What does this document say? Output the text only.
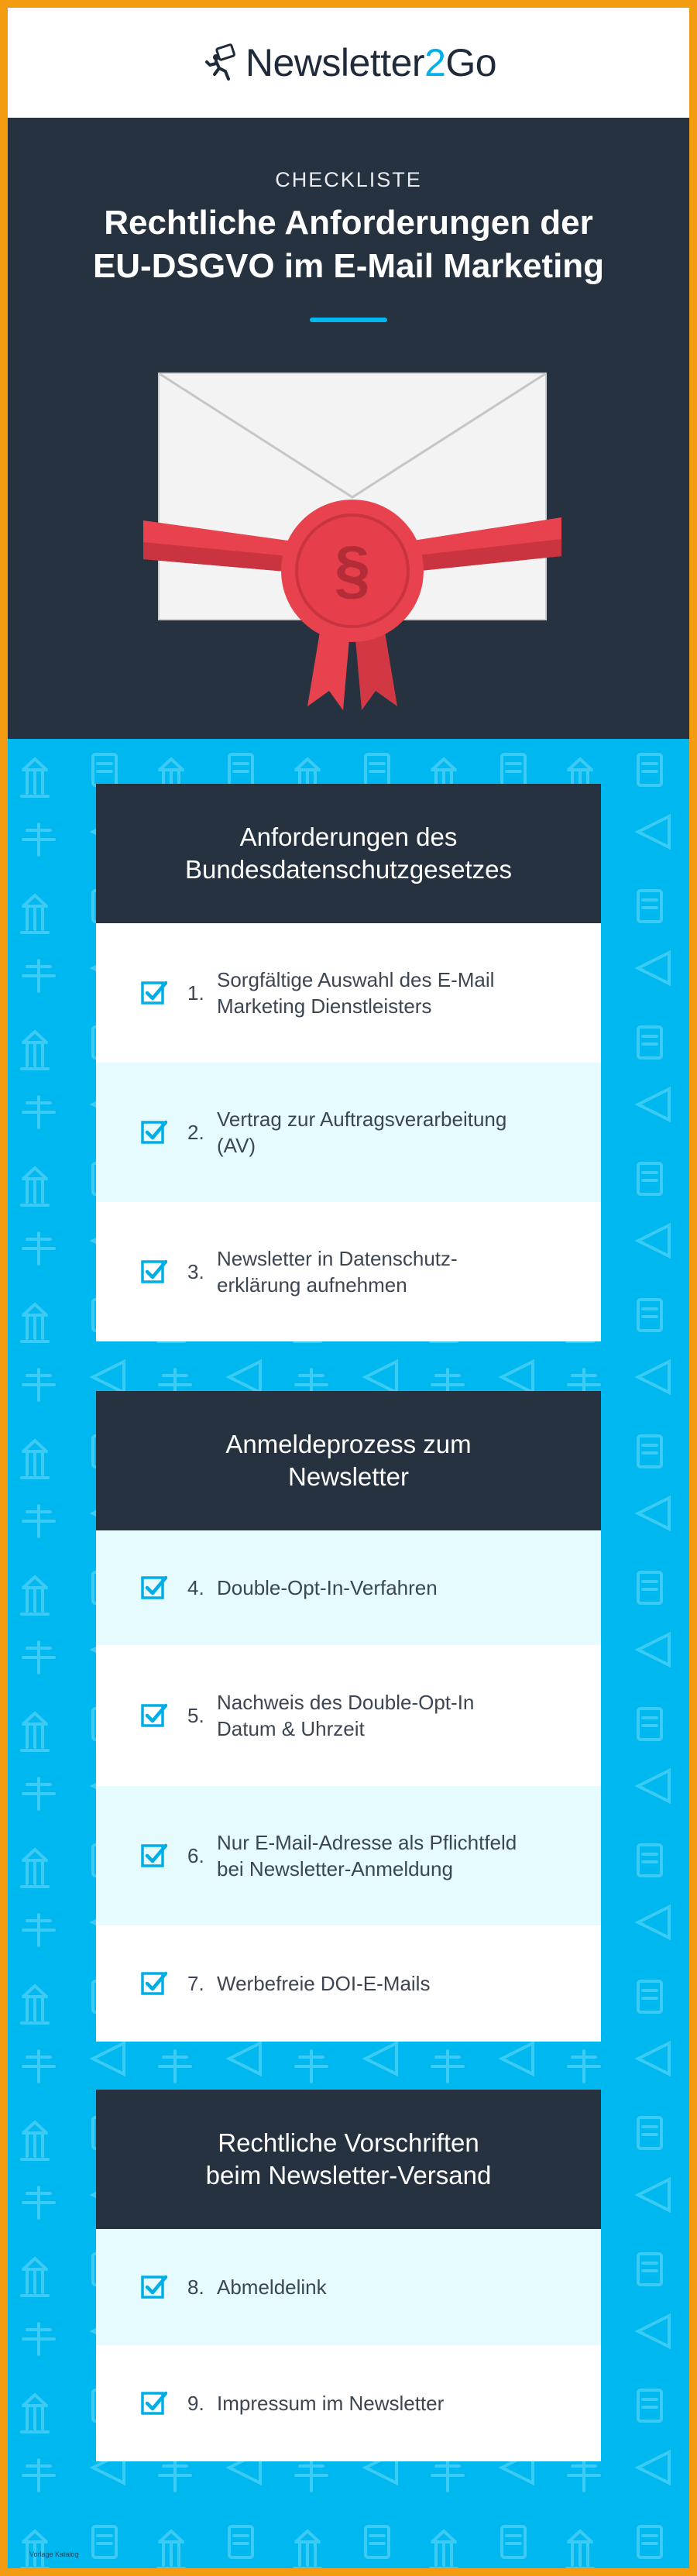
Newsletter2Go
CHECKLISTE
Rechtliche Anforderungen der
EU-DSGVO im E-Mail Marketing
§
Anforderungen des
Bundesdatenschutzgesetzes
1.
Sorgfältige Auswahl des E-Mail
Marketing Dienstleisters
2.
Vertrag zur Auftragsverarbeitung
(AV)
3.
Newsletter in Datenschutz-
erklärung aufnehmen
Anmeldeprozess zum
Newsletter
4. Double-Opt-In-Verfahren
5.
Nachweis des Double-Opt-In
Datum & Uhrzeit
6.
Nur E-Mail-Adresse als Pflichtfeld
bei Newsletter-Anmeldung
7. Werbefreie DOI-E-Mails
Rechtliche Vorschriften
beim Newsletter-Versand
8. Abmeldelink
9. Impressum im Newsletter
Vorlage Katalog
